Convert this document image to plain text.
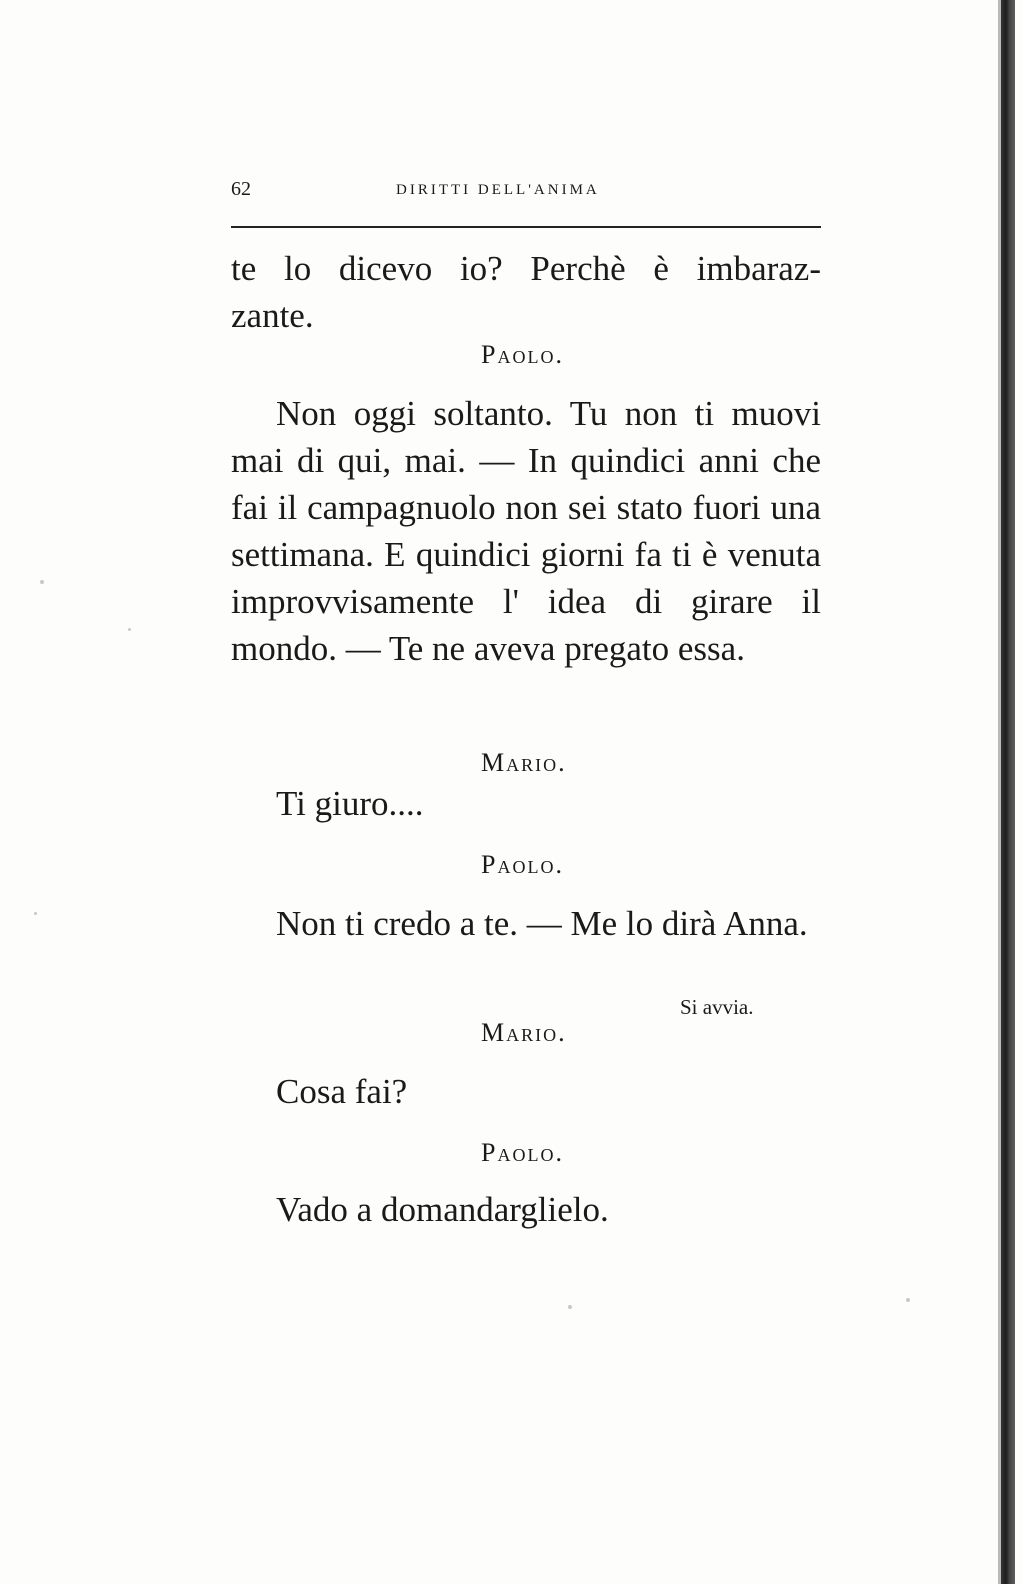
62	DIRITTI DELL'ANIMA
te lo dicevo io? Perchè è imbaraz-
zante.
Paolo.
Non oggi soltanto. Tu non ti muovi mai di qui, mai. — In quindici anni che fai il campagnuolo non sei stato fuori una settimana. E quindici giorni fa ti è venuta improvvisamente l' idea di girare il mondo. — Te ne aveva pregato essa.
Mario.
Ti giuro....
Paolo.
Non ti credo a te. — Me lo dirà Anna.
Si avvia.
Mario.
Cosa fai?
Paolo.
Vado a domandarglielo.
